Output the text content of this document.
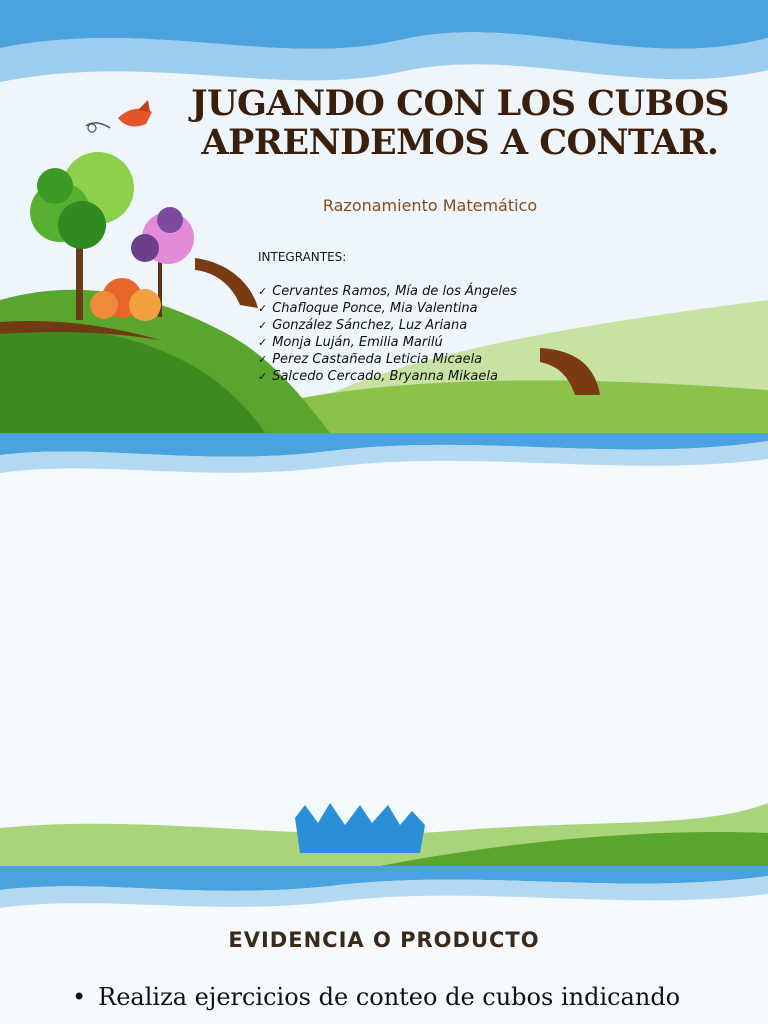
JUGANDO CON LOS CUBOS
APRENDEMOS A CONTAR.
Razonamiento Matemático
INTEGRANTES:
✓ Cervantes Ramos, Mía de los Ángeles
✓ Chafloque Ponce, Mia Valentina
✓ González Sánchez, Luz Ariana
✓ Monja Luján, Emilia Marilú
✓ Perez Castañeda Leticia Micaela
✓ Salcedo Cercado, Bryanna Mikaela

EVIDENCIA O PRODUCTO
• Realiza ejercicios de conteo de cubos indicando
